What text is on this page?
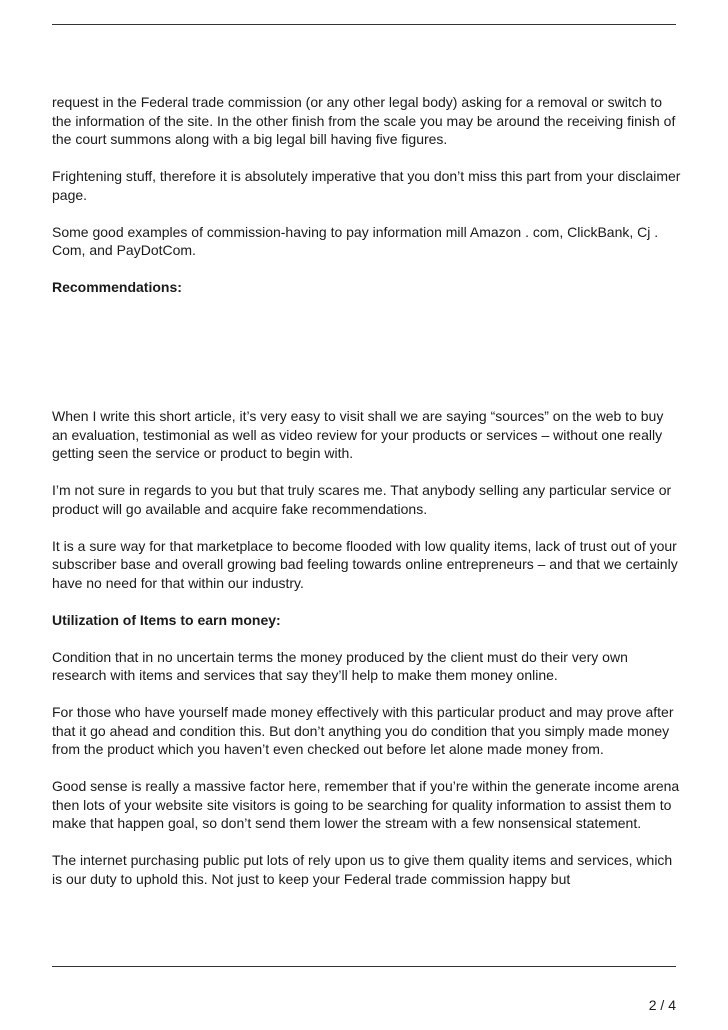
request in the Federal trade commission (or any other legal body) asking for a removal or switch to the information of the site. In the other finish from the scale you may be around the receiving finish of the court summons along with a big legal bill having five figures.

Frightening stuff, therefore it is absolutely imperative that you don’t miss this part from your disclaimer page.

Some good examples of commission-having to pay information mill Amazon . com, ClickBank, Cj . Com, and PayDotCom.

Recommendations:

When I write this short article, it’s very easy to visit shall we are saying “sources” on the web to buy an evaluation, testimonial as well as video review for your products or services – without one really getting seen the service or product to begin with.

I’m not sure in regards to you but that truly scares me. That anybody selling any particular service or product will go available and acquire fake recommendations.

It is a sure way for that marketplace to become flooded with low quality items, lack of trust out of your subscriber base and overall growing bad feeling towards online entrepreneurs – and that we certainly have no need for that within our industry.

Utilization of Items to earn money:

Condition that in no uncertain terms the money produced by the client must do their very own research with items and services that say they’ll help to make them money online.

For those who have yourself made money effectively with this particular product and may prove after that it go ahead and condition this. But don’t anything you do condition that you simply made money from the product which you haven’t even checked out before let alone made money from.

Good sense is really a massive factor here, remember that if you’re within the generate income arena then lots of your website site visitors is going to be searching for quality information to assist them to make that happen goal, so don’t send them lower the stream with a few nonsensical statement.

The internet purchasing public put lots of rely upon us to give them quality items and services, which is our duty to uphold this. Not just to keep your Federal trade commission happy but

2 / 4
